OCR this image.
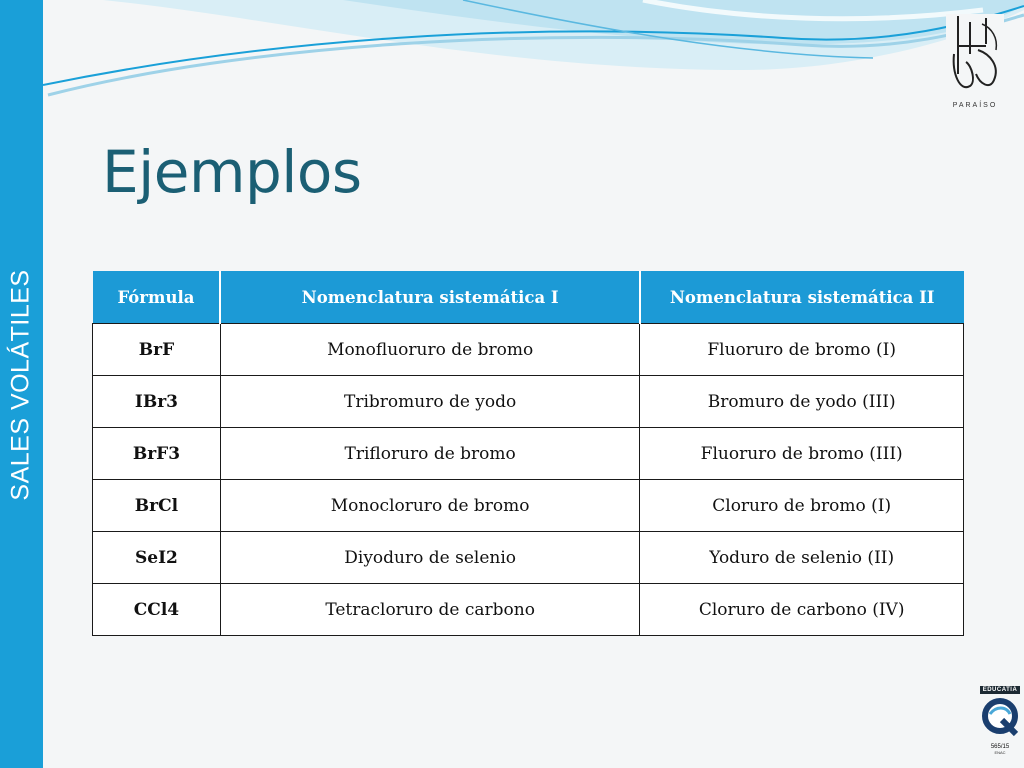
SALES VOLÁTILES
PARAÍSO
Ejemplos
Fórmula	Nomenclatura sistemática I	Nomenclatura sistemática II
BrF	Monofluoruro de bromo	Fluoruro de bromo (I)
IBr3	Tribromuro de yodo	Bromuro de yodo (III)
BrF3	Trifloruro de bromo	Fluoruro de bromo (III)
BrCl	Monocloruro de bromo	Cloruro de bromo (I)
SeI2	Diyoduro de selenio	Yoduro de selenio (II)
CCl4	Tetracloruro de carbono	Cloruro de carbono (IV)
EDUCATIA
565/15
ENAC
